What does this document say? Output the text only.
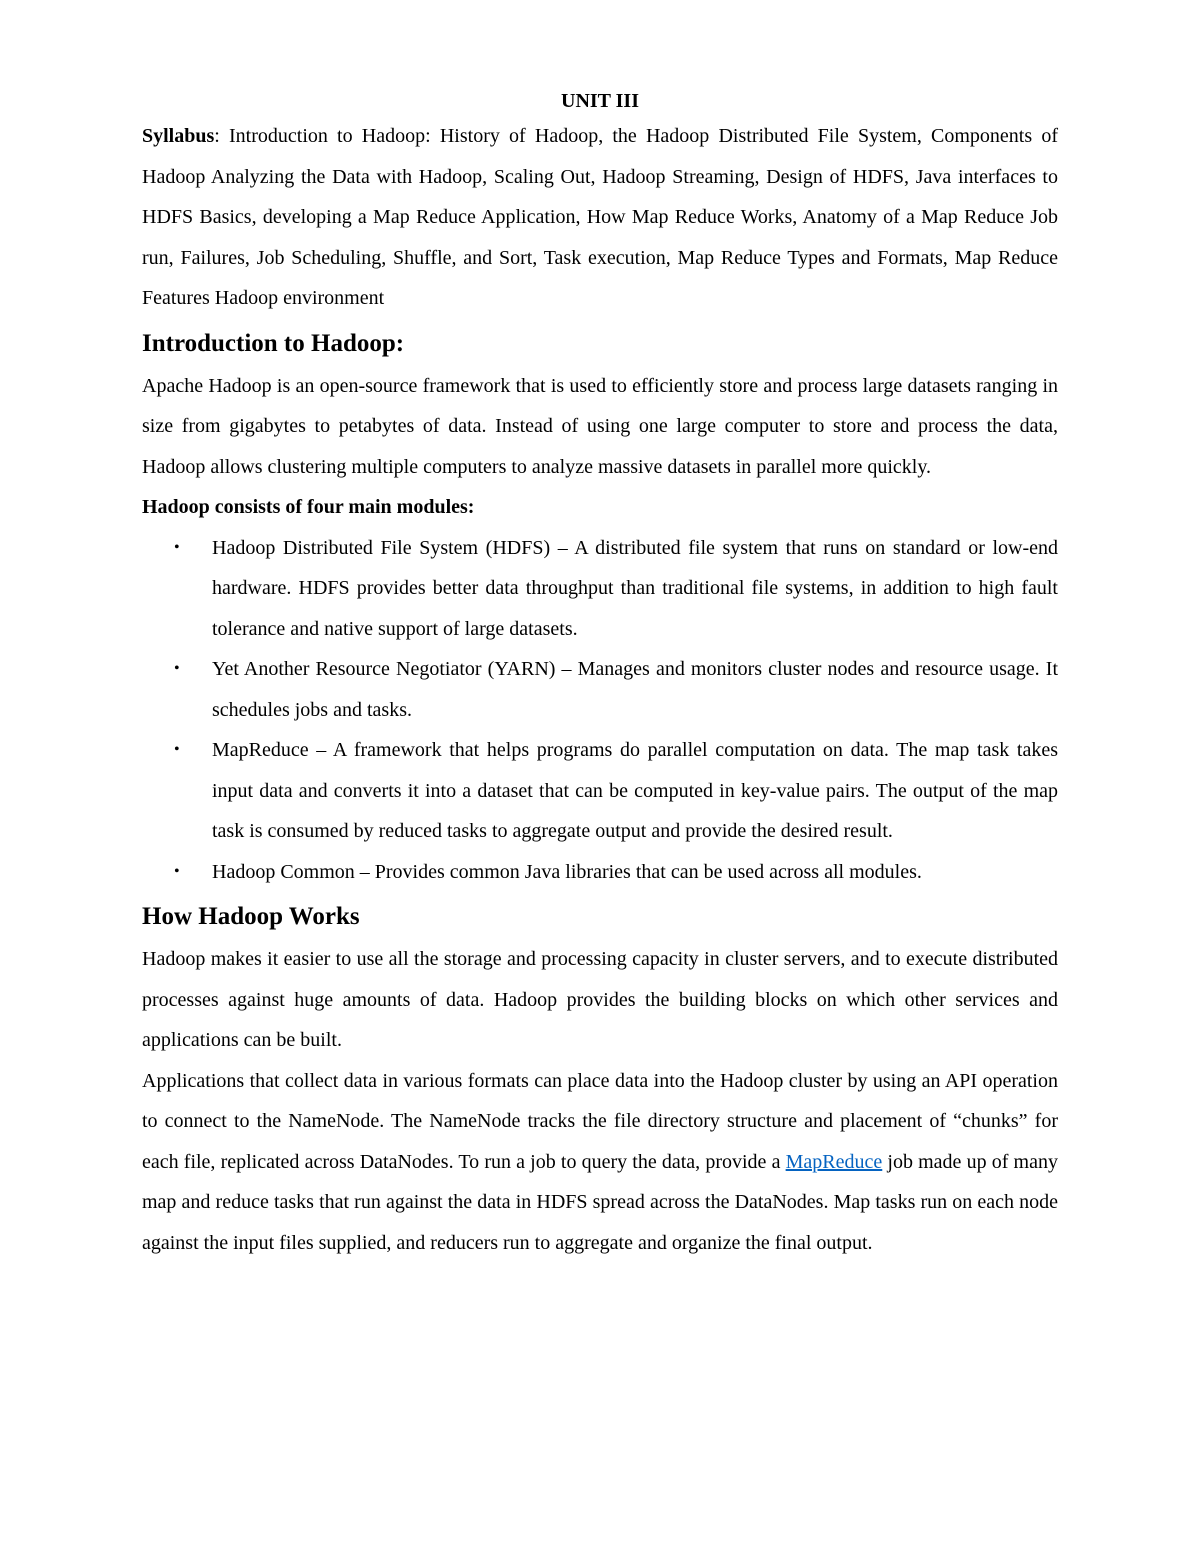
UNIT III

Syllabus: Introduction to Hadoop: History of Hadoop, the Hadoop Distributed File System, Components of Hadoop Analyzing the Data with Hadoop, Scaling Out, Hadoop Streaming, Design of HDFS, Java interfaces to HDFS Basics, developing a Map Reduce Application, How Map Reduce Works, Anatomy of a Map Reduce Job run, Failures, Job Scheduling, Shuffle, and Sort, Task execution, Map Reduce Types and Formats, Map Reduce Features Hadoop environment

Introduction to Hadoop:

Apache Hadoop is an open-source framework that is used to efficiently store and process large datasets ranging in size from gigabytes to petabytes of data. Instead of using one large computer to store and process the data, Hadoop allows clustering multiple computers to analyze massive datasets in parallel more quickly.

Hadoop consists of four main modules:
• Hadoop Distributed File System (HDFS) – A distributed file system that runs on standard or low-end hardware. HDFS provides better data throughput than traditional file systems, in addition to high fault tolerance and native support of large datasets.
• Yet Another Resource Negotiator (YARN) – Manages and monitors cluster nodes and resource usage. It schedules jobs and tasks.
• MapReduce – A framework that helps programs do parallel computation on data. The map task takes input data and converts it into a dataset that can be computed in key-value pairs. The output of the map task is consumed by reduced tasks to aggregate output and provide the desired result.
• Hadoop Common – Provides common Java libraries that can be used across all modules.
How Hadoop Works

Hadoop makes it easier to use all the storage and processing capacity in cluster servers, and to execute distributed processes against huge amounts of data. Hadoop provides the building blocks on which other services and applications can be built.

Applications that collect data in various formats can place data into the Hadoop cluster by using an API operation to connect to the NameNode. The NameNode tracks the file directory structure and placement of “chunks” for each file, replicated across DataNodes. To run a job to query the data, provide a MapReduce job made up of many map and reduce tasks that run against the data in HDFS spread across the DataNodes. Map tasks run on each node against the input files supplied, and reducers run to aggregate and organize the final output.
